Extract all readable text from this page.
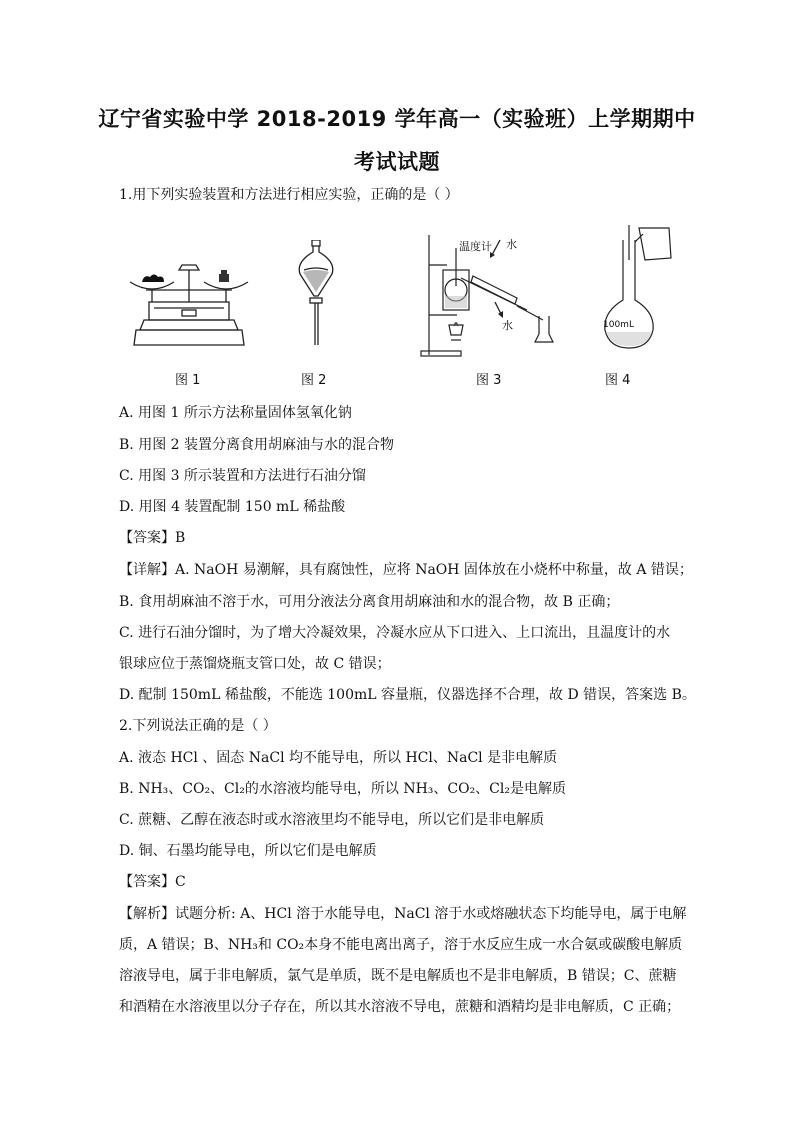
辽宁省实验中学 2018-2019 学年高一（实验班）上学期期中
考试试题
1.用下列实验装置和方法进行相应实验，正确的是（ ）
图 1	图 2
温度计 水
水
图 3
100mL
图 4
A. 用图 1 所示方法称量固体氢氧化钠
B. 用图 2 装置分离食用胡麻油与水的混合物
C. 用图 3 所示装置和方法进行石油分馏
D. 用图 4 装置配制 150 mL 稀盐酸
【答案】B
【详解】A. NaOH 易潮解，具有腐蚀性，应将 NaOH 固体放在小烧杯中称量，故 A 错误；
B. 食用胡麻油不溶于水，可用分液法分离食用胡麻油和水的混合物，故 B 正确；
C. 进行石油分馏时，为了增大冷凝效果，冷凝水应从下口进入、上口流出，且温度计的水
银球应位于蒸馏烧瓶支管口处，故 C 错误；
D. 配制 150mL 稀盐酸，不能选 100mL 容量瓶，仪器选择不合理，故 D 错误，答案选 B。
2.下列说法正确的是（ ）
A. 液态 HCl 、固态 NaCl 均不能导电，所以 HCl、NaCl 是非电解质
B. NH₃、CO₂、Cl₂的水溶液均能导电，所以 NH₃、CO₂、Cl₂是电解质
C. 蔗糖、乙醇在液态时或水溶液里均不能导电，所以它们是非电解质
D. 铜、石墨均能导电，所以它们是电解质
【答案】C
【解析】试题分析: A、HCl 溶于水能导电，NaCl 溶于水或熔融状态下均能导电，属于电解
质，A 错误；B、NH₃和 CO₂本身不能电离出离子，溶于水反应生成一水合氨或碳酸电解质
溶液导电，属于非电解质，氯气是单质，既不是电解质也不是非电解质，B 错误；C、蔗糖
和酒精在水溶液里以分子存在，所以其水溶液不导电，蔗糖和酒精均是非电解质，C 正确；
